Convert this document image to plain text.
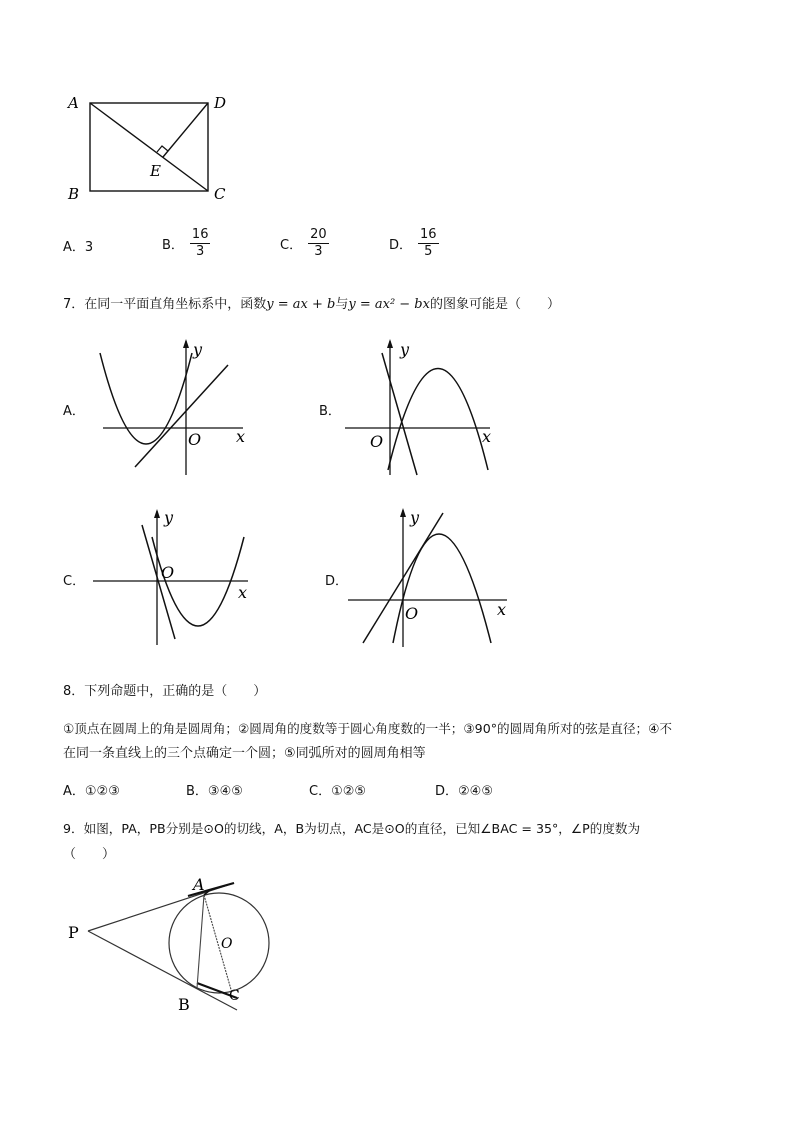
A	D
B	C
E
A．3	B． $\frac{16}{3}$	C． $\frac{20}{3}$	D． $\frac{16}{5}$
7．在同一平面直角坐标系中，函数y = ax + b与y = ax² − bx的图象可能是（　　）
A．
y
x
O
B．
y
x
O
C．
y
x
O	D．
y
x
O
8．下列命题中，正确的是（　　）
①顶点在圆周上的角是圆周角；②圆周角的度数等于圆心角度数的一半；③90°的圆周角所对的弦是直径；④不
在同一条直线上的三个点确定一个圆；⑤同弧所对的圆周角相等
A．①②③	B．③④⑤	C．①②⑤	D．②④⑤
9．如图，PA，PB分别是⊙O的切线，A，B为切点，AC是⊙O的直径，已知∠BAC = 35°，∠P的度数为
（　　）
P
A
O
B	C
